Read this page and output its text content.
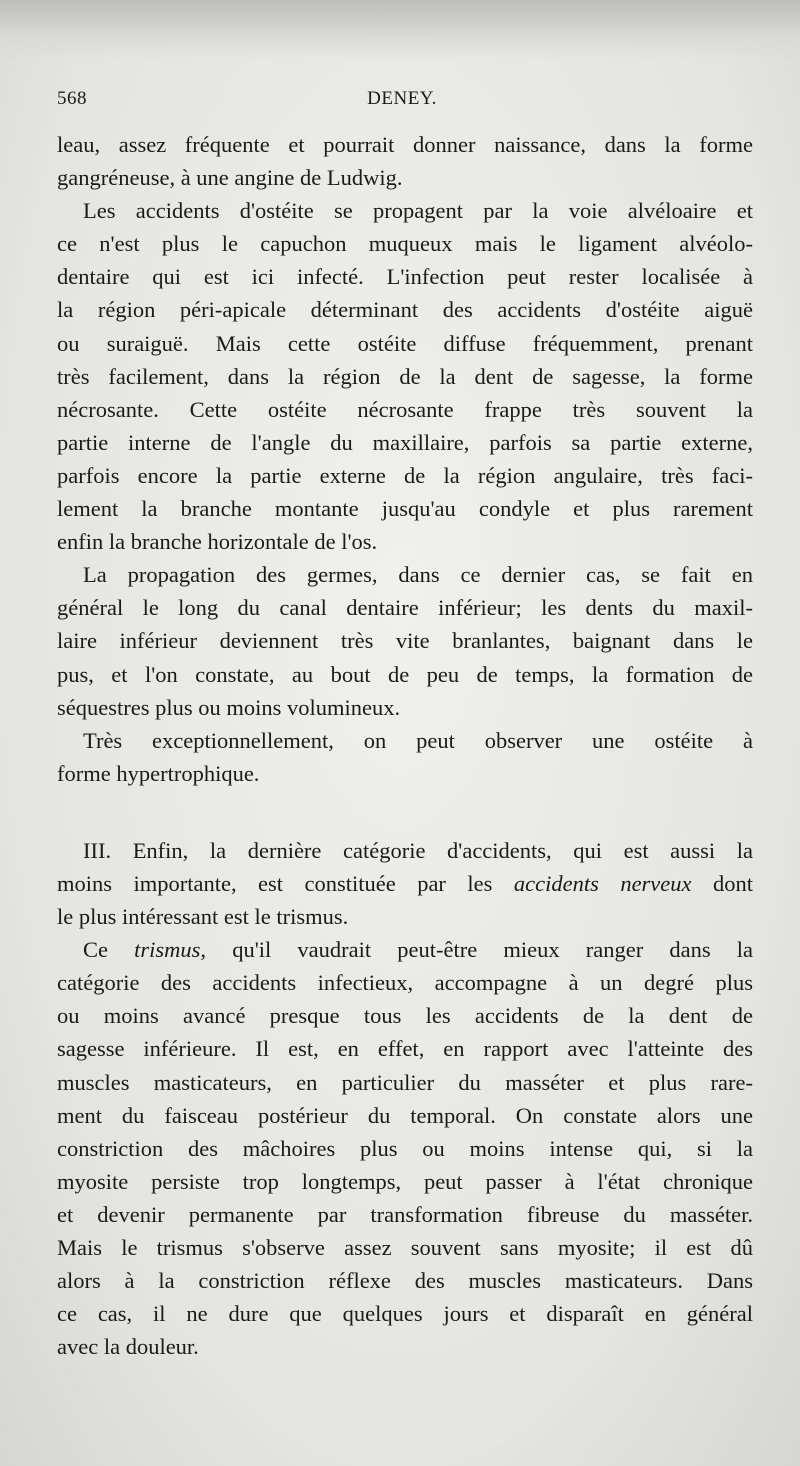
568	DENEY.
leau, assez fréquente et pourrait donner naissance, dans la forme
gangréneuse, à une angine de Ludwig.
Les accidents d'ostéite se propagent par la voie alvéloaire et
ce n'est plus le capuchon muqueux mais le ligament alvéolo-
dentaire qui est ici infecté. L'infection peut rester localisée à
la région péri-apicale déterminant des accidents d'ostéite aiguë
ou suraiguë. Mais cette ostéite diffuse fréquemment, prenant
très facilement, dans la région de la dent de sagesse, la forme
nécrosante. Cette ostéite nécrosante frappe très souvent la
partie interne de l'angle du maxillaire, parfois sa partie externe,
parfois encore la partie externe de la région angulaire, très faci-
lement la branche montante jusqu'au condyle et plus rarement
enfin la branche horizontale de l'os.
La propagation des germes, dans ce dernier cas, se fait en
général le long du canal dentaire inférieur; les dents du maxil-
laire inférieur deviennent très vite branlantes, baignant dans le
pus, et l'on constate, au bout de peu de temps, la formation de
séquestres plus ou moins volumineux.
Très exceptionnellement, on peut observer une ostéite à
forme hypertrophique.
III. Enfin, la dernière catégorie d'accidents, qui est aussi la
moins importante, est constituée par les accidents nerveux dont
le plus intéressant est le trismus.
Ce trismus, qu'il vaudrait peut-être mieux ranger dans la
catégorie des accidents infectieux, accompagne à un degré plus
ou moins avancé presque tous les accidents de la dent de
sagesse inférieure. Il est, en effet, en rapport avec l'atteinte des
muscles masticateurs, en particulier du masséter et plus rare-
ment du faisceau postérieur du temporal. On constate alors une
constriction des mâchoires plus ou moins intense qui, si la
myosite persiste trop longtemps, peut passer à l'état chronique
et devenir permanente par transformation fibreuse du masséter.
Mais le trismus s'observe assez souvent sans myosite; il est dû
alors à la constriction réflexe des muscles masticateurs. Dans
ce cas, il ne dure que quelques jours et disparaît en général
avec la douleur.
